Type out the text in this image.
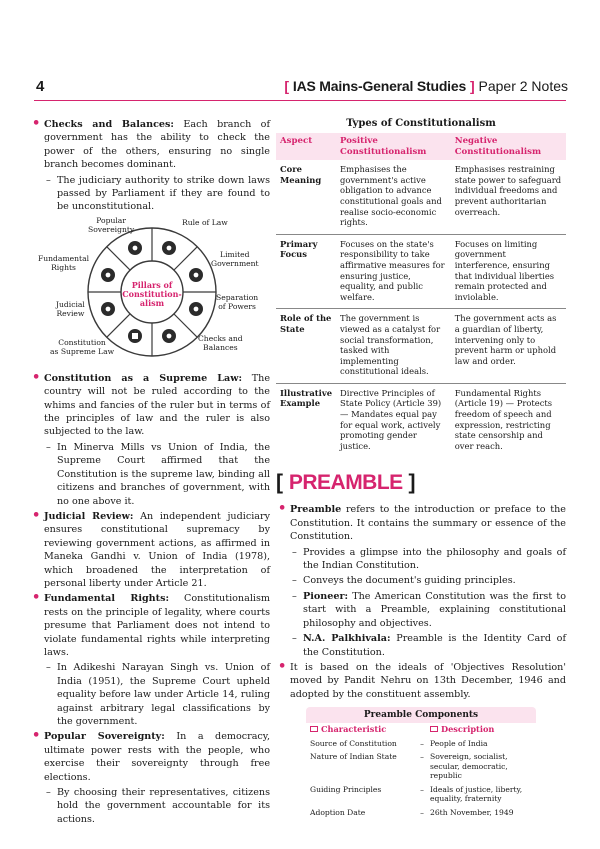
4	[ IAS Mains-General Studies ] Paper 2 Notes
• Checks and Balances: Each branch of government has the ability to check the power of the others, ensuring no single branch becomes dominant.
– The judiciary authority to strike down laws passed by Parliament if they are found to be unconstitutional.
Pillars of
Constitution-
alism
Popular
Sovereignty
Rule of Law
Fundamental
Rights
Limited
Government
Judicial
Review
Separation
of Powers
Constitution
as Supreme Law
Checks and
Balances
• Constitution as a Supreme Law: The country will not be ruled according to the whims and fancies of the ruler but in terms of the principles of law and the ruler is also subjected to the law.
– In Minerva Mills vs Union of India, the Supreme Court affirmed that the Constitution is the supreme law, binding all citizens and branches of government, with no one above it.
• Judicial Review: An independent judiciary ensures constitutional supremacy by reviewing government actions, as affirmed in Maneka Gandhi v. Union of India (1978), which broadened the interpretation of personal liberty under Article 21.
• Fundamental Rights: Constitutionalism rests on the principle of legality, where courts presume that Parliament does not intend to violate fundamental rights while interpreting laws.
– In Adikeshi Narayan Singh vs. Union of India (1951), the Supreme Court upheld equality before law under Article 14, ruling against arbitrary legal classifications by the government.
• Popular Sovereignty: In a democracy, ultimate power rests with the people, who exercise their sovereignty through free elections.
– By choosing their representatives, citizens hold the government accountable for its actions.
Types of Constitutionalism
Aspect	Positive Constitutionalism	Negative Constitutionalism
Core Meaning	Emphasises the government's active obligation to advance constitutional goals and realise socio-economic rights.	Emphasises restraining state power to safeguard individual freedoms and prevent authoritarian overreach.
Primary Focus	Focuses on the state's responsibility to take affirmative measures for ensuring justice, equality, and public welfare.	Focuses on limiting government interference, ensuring that individual liberties remain protected and inviolable.
Role of the State	The government is viewed as a catalyst for social transformation, tasked with implementing constitutional ideals.	The government acts as a guardian of liberty, intervening only to prevent harm or uphold law and order.
Illustrative Example	Directive Principles of State Policy (Article 39) — Mandates equal pay for equal work, actively promoting gender justice.	Fundamental Rights (Article 19) — Protects freedom of speech and expression, restricting state censorship and over reach.
[ PREAMBLE ]
• Preamble refers to the introduction or preface to the Constitution. It contains the summary or essence of the Constitution.
– Provides a glimpse into the philosophy and goals of the Indian Constitution.
– Conveys the document's guiding principles.
– Pioneer: The American Constitution was the first to start with a Preamble, explaining constitutional philosophy and objectives.
– N.A. Palkhivala: Preamble is the Identity Card of the Constitution.
• It is based on the ideals of 'Objectives Resolution' moved by Pandit Nehru on 13th December, 1946 and adopted by the constituent assembly.
Preamble Components
Characteristic	Description
Source of Constitution	– People of India
Nature of Indian State	– Sovereign, socialist, secular, democratic, republic
Guiding Principles	– Ideals of justice, liberty, equality, fraternity
Adoption Date	– 26th November, 1949
